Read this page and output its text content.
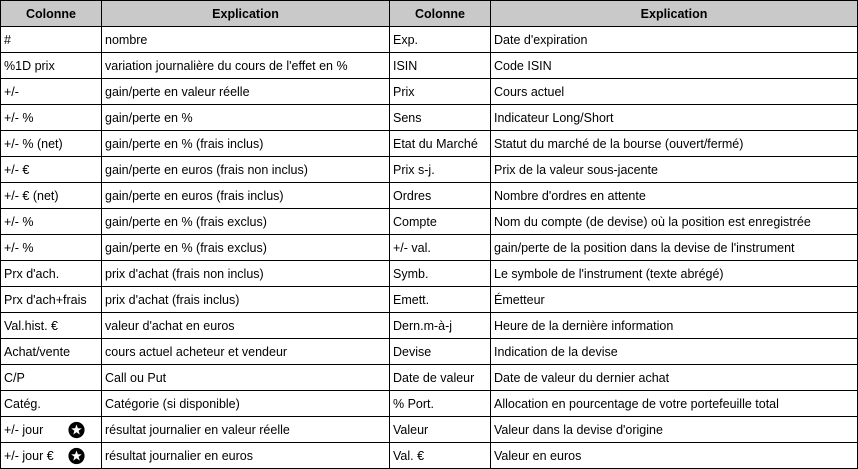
Colonne	Explication	Colonne	Explication

#	nombre	Exp.	Date d'expiration

%1D prix	variation journalière du cours de l'effet en %	ISIN	Code ISIN

+/-	gain/perte en valeur réelle	Prix	Cours actuel

+/- %	gain/perte en %	Sens	Indicateur Long/Short

+/- % (net)	gain/perte en % (frais inclus)	Etat du Marché	Statut du marché de la bourse (ouvert/fermé)

+/- €	gain/perte en euros (frais non inclus)	Prix s-j.	Prix de la valeur sous-jacente

+/- € (net)	gain/perte en euros (frais inclus)	Ordres	Nombre d'ordres en attente

+/- %	gain/perte en % (frais exclus)	Compte	Nom du compte (de devise) où la position est enregistrée

+/- %	gain/perte en % (frais exclus)	+/- val.	gain/perte de la position dans la devise de l'instrument

Prx d'ach.	prix d'achat (frais non inclus)	Symb.	Le symbole de l'instrument (texte abrégé)

Prx d'ach+frais	prix d'achat (frais inclus)	Emett.	Émetteur

Val.hist. €	valeur d'achat en euros	Dern.m-à-j	Heure de la dernière information

Achat/vente	cours actuel acheteur et vendeur	Devise	Indication de la devise

C/P	Call ou Put	Date de valeur	Date de valeur du dernier achat

Catég.	Catégorie (si disponible)	% Port.	Allocation en pourcentage de votre portefeuille total

+/- jour	résultat journalier en valeur réelle	Valeur	Valeur dans la devise d'origine

+/- jour €	résultat journalier en euros	Val. €	Valeur en euros
